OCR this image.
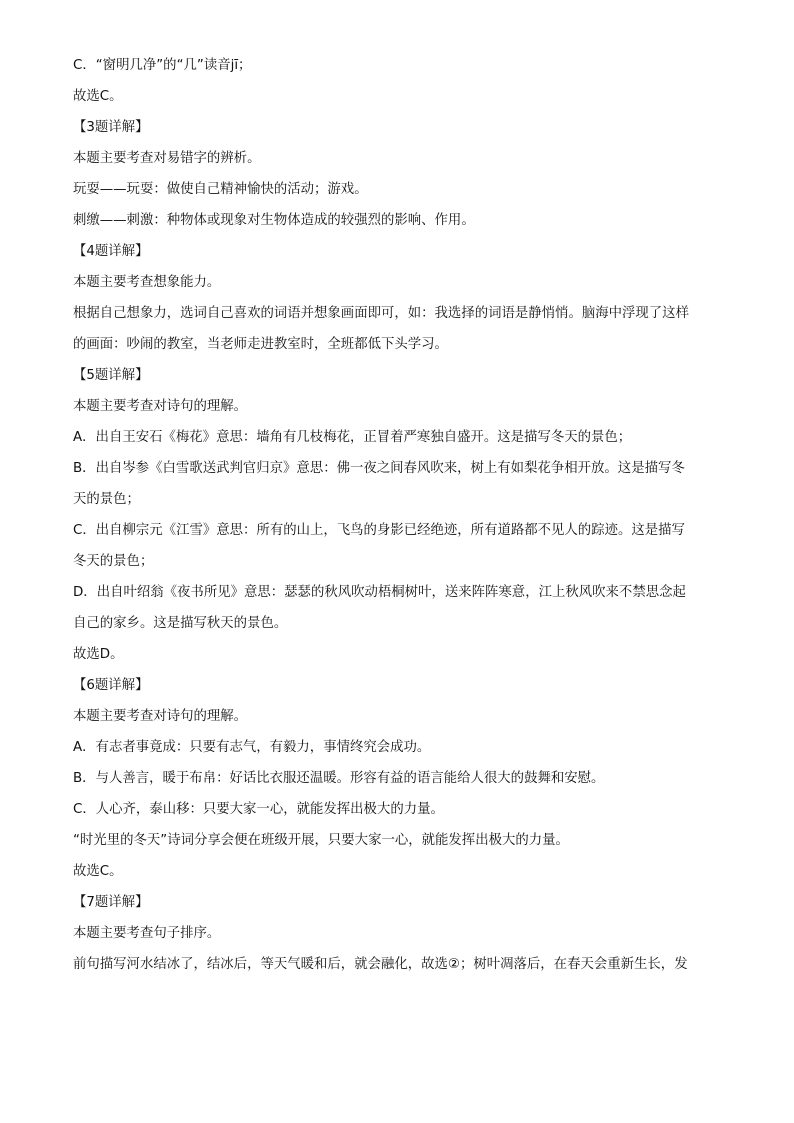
C．“窗明几净”的“几”读音jī；
故选C。
【3题详解】
本题主要考查对易错字的辨析。
玩耍——玩耍：做使自己精神愉快的活动；游戏。
刺缴——刺激：种物体或现象对生物体造成的较强烈的影响、作用。
【4题详解】
本题主要考查想象能力。
根据自己想象力，选词自己喜欢的词语并想象画面即可，如：我选择的词语是静悄悄。脑海中浮现了这样
的画面：吵闹的教室，当老师走进教室时，全班都低下头学习。
【5题详解】
本题主要考查对诗句的理解。
A．出自王安石《梅花》意思：墙角有几枝梅花，正冒着严寒独自盛开。这是描写冬天的景色；
B．出自岑参《白雪歌送武判官归京》意思：佛一夜之间春风吹来，树上有如梨花争相开放。这是描写冬
天的景色；
C．出自柳宗元《江雪》意思：所有的山上，飞鸟的身影已经绝迹，所有道路都不见人的踪迹。这是描写
冬天的景色；
D．出自叶绍翁《夜书所见》意思：瑟瑟的秋风吹动梧桐树叶，送来阵阵寒意，江上秋风吹来不禁思念起
自己的家乡。这是描写秋天的景色。
故选D。
【6题详解】
本题主要考查对诗句的理解。
A．有志者事竟成：只要有志气，有毅力，事情终究会成功。
B．与人善言，暖于布帛：好话比衣服还温暖。形容有益的语言能给人很大的鼓舞和安慰。
C．人心齐，泰山移：只要大家一心，就能发挥出极大的力量。
“时光里的冬天”诗词分享会便在班级开展，只要大家一心，就能发挥出极大的力量。
故选C。
【7题详解】
本题主要考查句子排序。
前句描写河水结冰了，结冰后，等天气暖和后，就会融化，故选②；树叶凋落后，在春天会重新生长，发
